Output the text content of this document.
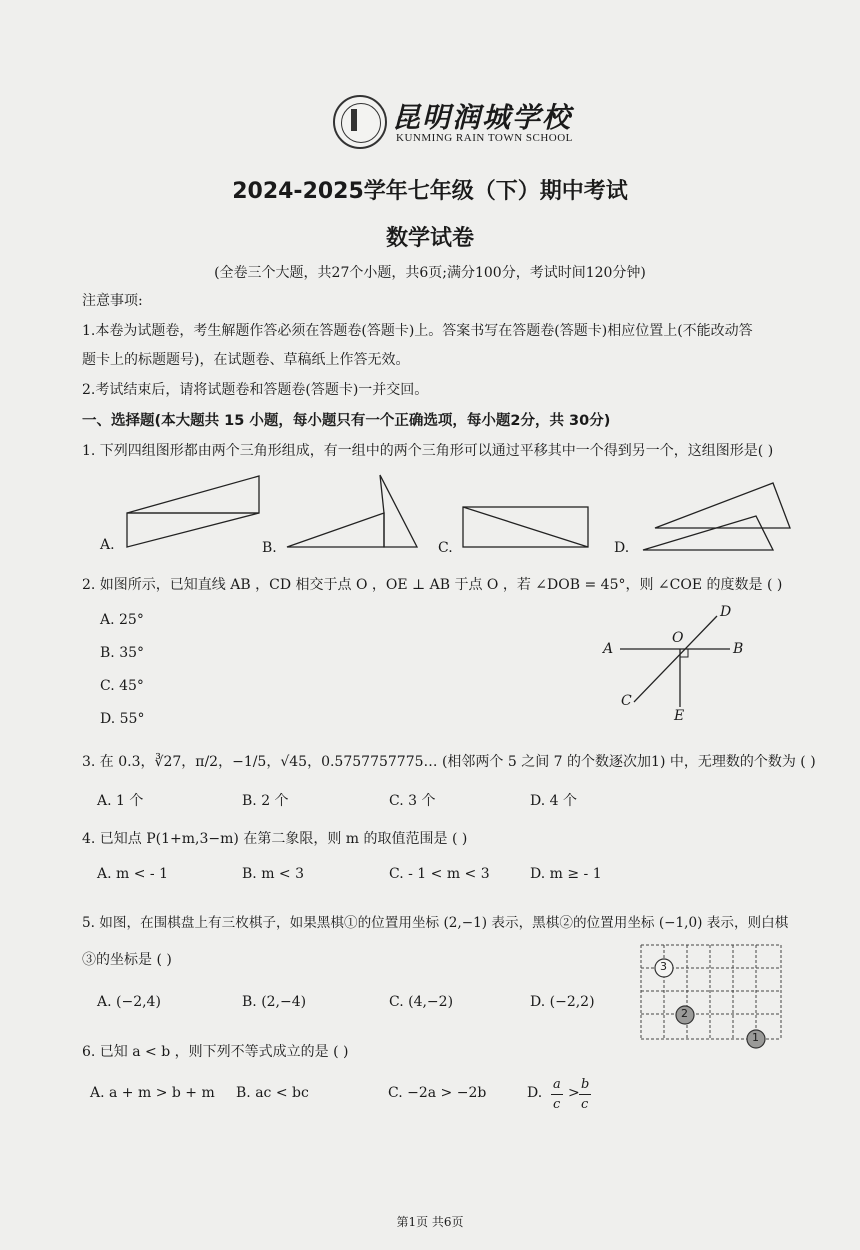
昆明润城学校
KUNMING RAIN TOWN SCHOOL
2024-2025学年七年级（下）期中考试
数学试卷
(全卷三个大题，共27个小题，共6页;满分100分，考试时间120分钟)
注意事项:
1.本卷为试题卷，考生解题作答必须在答题卷(答题卡)上。答案书写在答题卷(答题卡)相应位置上(不能改动答
题卡上的标题题号)，在试题卷、草稿纸上作答无效。
2.考试结束后，请将试题卷和答题卷(答题卡)一并交回。
一、选择题(本大题共 15 小题，每小题只有一个正确选项，每小题2分，共 30分)
1. 下列四组图形都由两个三角形组成，有一组中的两个三角形可以通过平移其中一个得到另一个，这组图形是( )
A.	B.	C.	D.
2. 如图所示，已知直线 AB ，CD 相交于点 O ，OE ⊥ AB 于点 O ，若 ∠DOB = 45°，则 ∠COE 的度数是 ( )
A. 25°
B. 35°
C. 45°
D. 55°
A	B
C
D
E
O
3. 在 0.3，∛27，π/2，−1/5，√45，0.5757757775… (相邻两个 5 之间 7 的个数逐次加1) 中，无理数的个数为 ( )
A. 1 个	B. 2 个	C. 3 个	D. 4 个
4. 已知点 P(1+m,3−m) 在第二象限，则 m 的取值范围是 ( )
A. m < - 1	B. m < 3	C. - 1 < m < 3	D. m ≥ - 1
5. 如图，在围棋盘上有三枚棋子，如果黑棋①的位置用坐标 (2,−1) 表示，黑棋②的位置用坐标 (−1,0) 表示，则白棋
③的坐标是 ( )
A. (−2,4)	B. (2,−4)	C. (4,−2)	D. (−2,2)
3
2
1
6. 已知 a < b ，则下列不等式成立的是 ( )
A. a + m > b + m B. ac < bc	C. −2a > −2b	D.
a
c
>
b
c
第1页 共6页
